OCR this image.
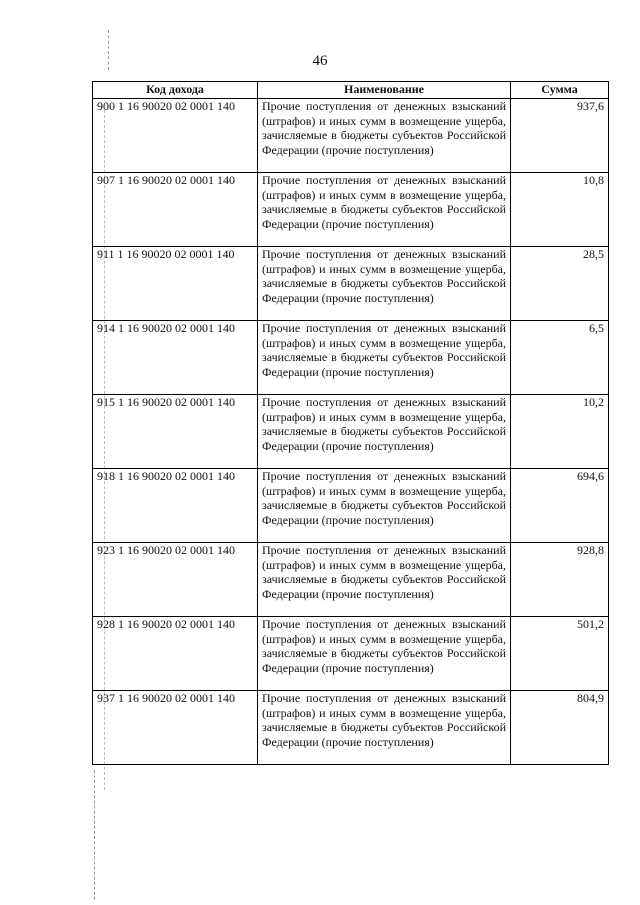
46
Код дохода	Наименование	Сумма
900 1 16 90020 02 0001 140	Прочие поступления от денежных взысканий (штрафов) и иных сумм в возмещение ущерба, зачисляемые в бюджеты субъектов Российской Федерации (прочие поступления)	937,6
907 1 16 90020 02 0001 140	Прочие поступления от денежных взысканий (штрафов) и иных сумм в возмещение ущерба, зачисляемые в бюджеты субъектов Российской Федерации (прочие поступления)	10,8
911 1 16 90020 02 0001 140	Прочие поступления от денежных взысканий (штрафов) и иных сумм в возмещение ущерба, зачисляемые в бюджеты субъектов Российской Федерации (прочие поступления)	28,5
914 1 16 90020 02 0001 140	Прочие поступления от денежных взысканий (штрафов) и иных сумм в возмещение ущерба, зачисляемые в бюджеты субъектов Российской Федерации (прочие поступления)	6,5
915 1 16 90020 02 0001 140	Прочие поступления от денежных взысканий (штрафов) и иных сумм в возмещение ущерба, зачисляемые в бюджеты субъектов Российской Федерации (прочие поступления)	10,2
918 1 16 90020 02 0001 140	Прочие поступления от денежных взысканий (штрафов) и иных сумм в возмещение ущерба, зачисляемые в бюджеты субъектов Российской Федерации (прочие поступления)	694,6
923 1 16 90020 02 0001 140	Прочие поступления от денежных взысканий (штрафов) и иных сумм в возмещение ущерба, зачисляемые в бюджеты субъектов Российской Федерации (прочие поступления)	928,8
928 1 16 90020 02 0001 140	Прочие поступления от денежных взысканий (штрафов) и иных сумм в возмещение ущерба, зачисляемые в бюджеты субъектов Российской Федерации (прочие поступления)	501,2
937 1 16 90020 02 0001 140	Прочие поступления от денежных взысканий (штрафов) и иных сумм в возмещение ущерба, зачисляемые в бюджеты субъектов Российской Федерации (прочие поступления)	804,9
